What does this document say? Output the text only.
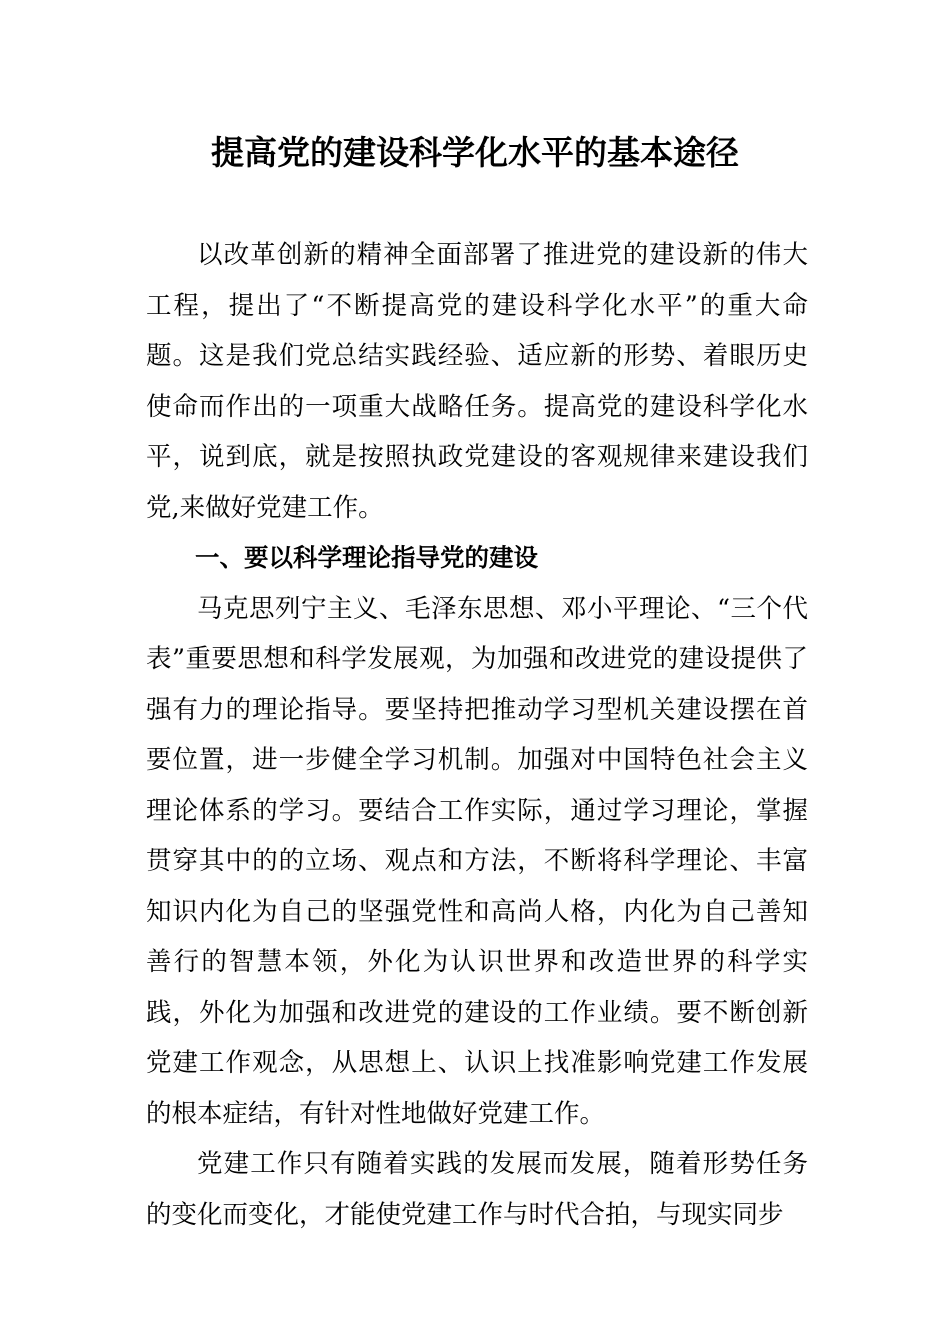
提高党的建设科学化水平的基本途径

以改革创新的精神全面部署了推进党的建设新的伟大工程，提出了“不断提高党的建设科学化水平”的重大命题。这是我们党总结实践经验、适应新的形势、着眼历史使命而作出的一项重大战略任务。提高党的建设科学化水平，说到底，就是按照执政党建设的客观规律来建设我们党,来做好党建工作。

一、要以科学理论指导党的建设

马克思列宁主义、毛泽东思想、邓小平理论、“三个代表”重要思想和科学发展观，为加强和改进党的建设提供了强有力的理论指导。要坚持把推动学习型机关建设摆在首要位置，进一步健全学习机制。加强对中国特色社会主义理论体系的学习。要结合工作实际，通过学习理论，掌握贯穿其中的的立场、观点和方法，不断将科学理论、丰富知识内化为自己的坚强党性和高尚人格，内化为自己善知善行的智慧本领，外化为认识世界和改造世界的科学实践，外化为加强和改进党的建设的工作业绩。要不断创新党建工作观念，从思想上、认识上找准影响党建工作发展的根本症结，有针对性地做好党建工作。

党建工作只有随着实践的发展而发展，随着形势任务的变化而变化，才能使党建工作与时代合拍，与现实同步
